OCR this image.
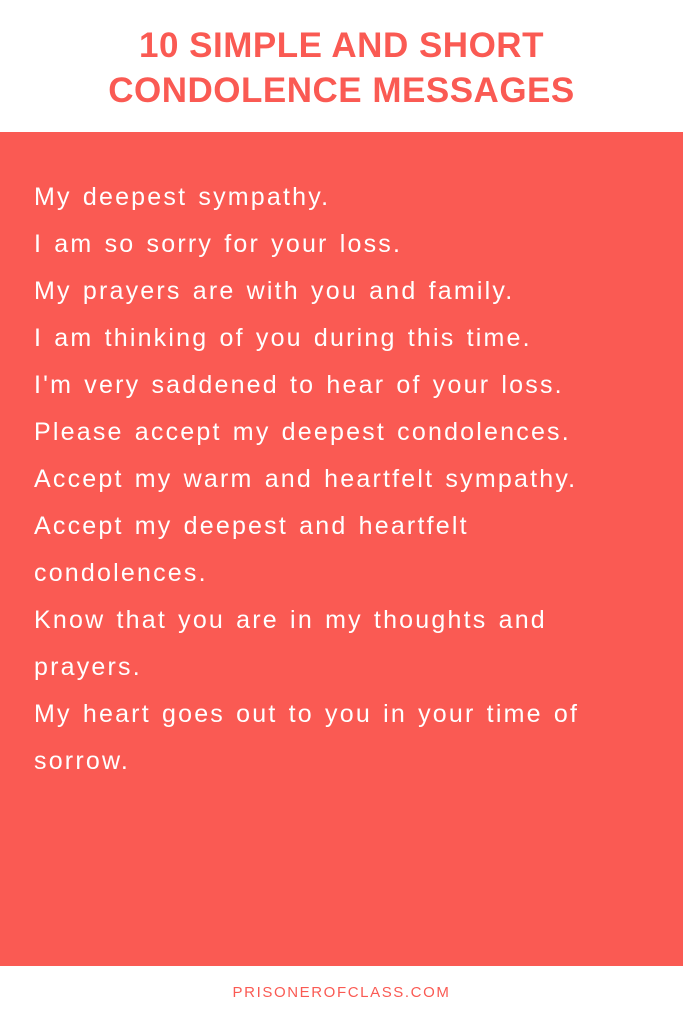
10 SIMPLE AND SHORT CONDOLENCE MESSAGES
My deepest sympathy.
I am so sorry for your loss.
My prayers are with you and family.
I am thinking of you during this time.
I'm very saddened to hear of your loss.
Please accept my deepest condolences.
Accept my warm and heartfelt sympathy.
Accept my deepest and heartfelt condolences.
Know that you are in my thoughts and prayers.
My heart goes out to you in your time of sorrow.
PRISONEROFCLASS.COM
